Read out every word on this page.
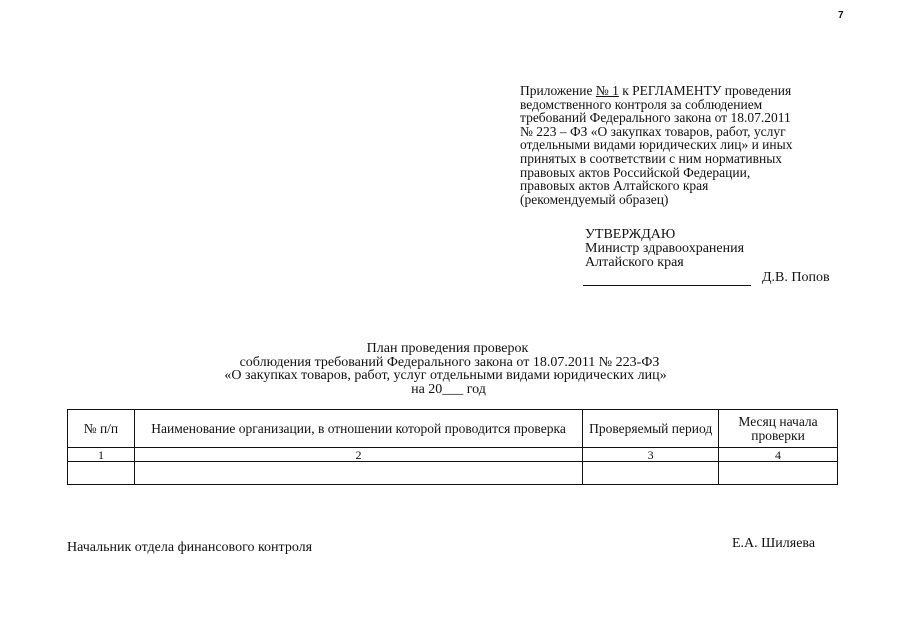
7
Приложение № 1 к РЕГЛАМЕНТУ проведения
ведомственного контроля за соблюдением
требований Федерального закона от 18.07.2011
№ 223 – ФЗ «О закупках товаров, работ, услуг
отдельными видами юридических лиц» и иных
принятых в соответствии с ним нормативных
правовых актов Российской Федерации,
правовых актов Алтайского края
(рекомендуемый образец)
УТВЕРЖДАЮ
Министр здравоохранения
Алтайского края
Д.В. Попов
План проведения проверок
соблюдения требований Федерального закона от 18.07.2011 № 223-ФЗ
«О закупках товаров, работ, услуг отдельными видами юридических лиц»
на 20___ год
№ п/п	Наименование организации, в отношении которой проводится проверка	Проверяемый период	Месяц начала проверки
1	2	3	4

Начальник отдела финансового контроля	Е.А. Шиляева
